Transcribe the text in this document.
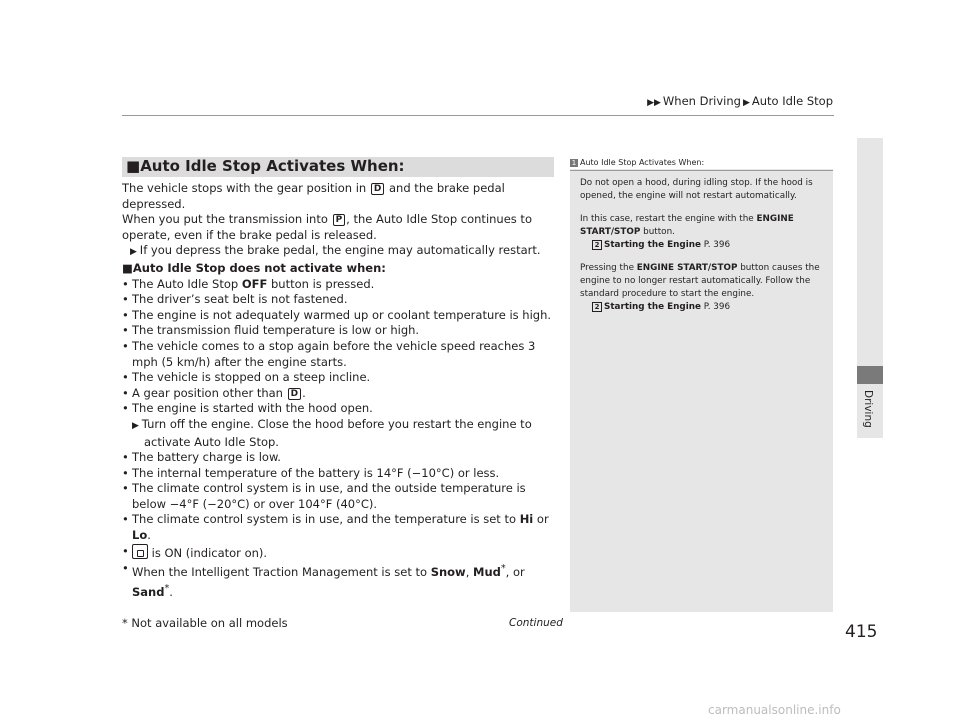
▶▶ When Driving ▶ Auto Idle Stop
Driving
■Auto Idle Stop Activates When:

The vehicle stops with the gear position in D and the brake pedal depressed.
When you put the transmission into P , the Auto Idle Stop continues to operate, even if the brake pedal is released.

▶ If you depress the brake pedal, the engine may automatically restart.

■Auto Idle Stop does not activate when:

• The Auto Idle Stop OFF button is pressed.
• The driver’s seat belt is not fastened.
• The engine is not adequately warmed up or coolant temperature is high.
• The transmission fluid temperature is low or high.
• The vehicle comes to a stop again before the vehicle speed reaches 3 mph (5 km/h) after the engine starts.
• The vehicle is stopped on a steep incline.
• A gear position other than D .
• The engine is started with the hood open.
▶ Turn off the engine. Close the hood before you restart the engine to activate Auto Idle Stop.
• The battery charge is low.
• The internal temperature of the battery is 14°F (−10°C) or less.
• The climate control system is in use, and the outside temperature is below −4°F (−20°C) or over 104°F (40°C).
• The climate control system is in use, and the temperature is set to Hi or Lo.
• is ON (indicator on).
• When the Intelligent Traction Management is set to Snow, Mud*, or Sand*.
1 Auto Idle Stop Activates When:

Do not open a hood, during idling stop. If the hood is opened, the engine will not restart automatically.

In this case, restart the engine with the ENGINE START/STOP button.
2 Starting the Engine P. 396

Pressing the ENGINE START/STOP button causes the engine to no longer restart automatically. Follow the standard procedure to start the engine.
2 Starting the Engine P. 396

* Not available on all models	Continued	415
carmanualsonline.info
